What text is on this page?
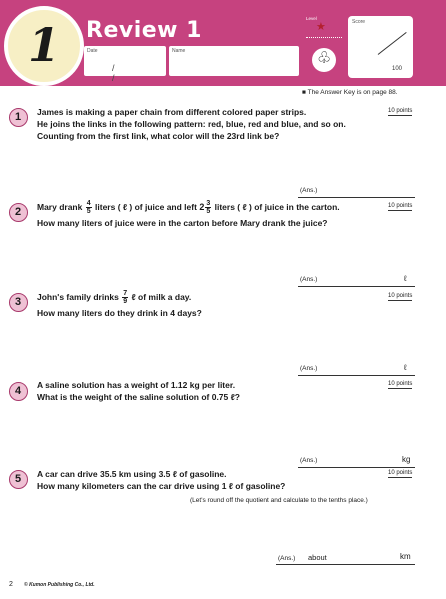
1	Review 1
Date
/ /
Name
Level
★
♧
Score
100
■ The Answer Key is on page 88.
1	James is making a paper chain from different colored paper strips.
He joins the links in the following pattern: red, blue, red and blue, and so on.
Counting from the first link, what color will the 23rd link be?
10 points
(Ans.)
2	Mary drank $\frac{4}{5}$ liters ( ℓ ) of juice and left $2 \frac{3}{5}$ liters ( ℓ ) of juice in the carton.
How many liters of juice were in the carton before Mary drank the juice?
10 points
(Ans.)	ℓ
3	John's family drinks $\frac{7}{9}$ ℓ of milk a day.
How many liters do they drink in 4 days?
10 points
(Ans.)	ℓ
4	A saline solution has a weight of 1.12 kg per liter.
What is the weight of the saline solution of 0.75 ℓ?
10 points
(Ans.)	kg
5	A car can drive 35.5 km using 3.5 ℓ of gasoline.
How many kilometers can the car drive using 1 ℓ of gasoline?
10 points
(Let's round off the quotient and calculate to the tenths place.)
(Ans.) about	km
2 © Kumon Publishing Co., Ltd.
